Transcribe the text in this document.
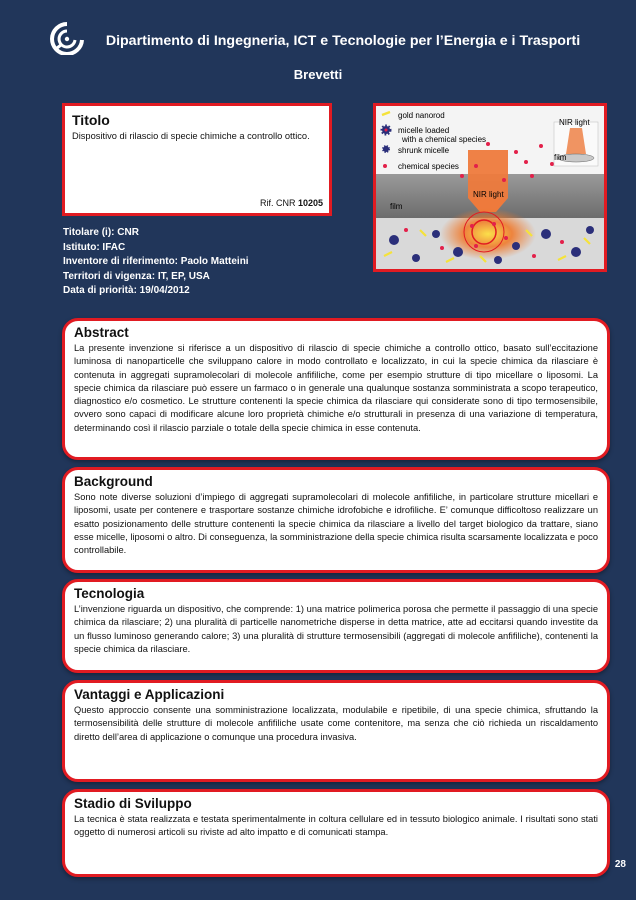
Dipartimento di Ingegneria, ICT e Tecnologie per l’Energia e i Trasporti
Brevetti
Titolo
Dispositivo di rilascio di specie chimiche a controllo ottico.
Rif. CNR 10205
Titolare (i): CNR
Istituto: IFAC
Inventore di riferimento: Paolo Matteini
Territori di vigenza: IT, EP, USA
Data di priorità: 19/04/2012
gold nanorod
micelle loaded
with a chemical species
shrunk micelle
chemical species
NIR light
film
NIR light
film
Abstract

La presente invenzione si riferisce a un dispositivo di rilascio di specie chimiche a controllo ottico, basato sull’eccitazione luminosa di nanoparticelle che sviluppano calore in modo controllato e localizzato, in cui la specie chimica da rilasciare è contenuta in aggregati supramolecolari di molecole anfifiliche, come per esempio strutture di tipo micellare o liposomi. La specie chimica da rilasciare può essere un farmaco o in generale una qualunque sostanza somministrata a scopo terapeutico, diagnostico e/o cosmetico. Le strutture contenenti la specie chimica da rilasciare qui considerate sono di tipo termosensibile, ovvero sono capaci di modificare alcune loro proprietà chimiche e/o strutturali in presenza di una variazione di temperatura, determinando così il rilascio parziale o totale della specie chimica in esse contenuta.

Background

Sono note diverse soluzioni d’impiego di aggregati supramolecolari di molecole anfifiliche, in particolare strutture micellari e liposomi, usate per contenere e trasportare sostanze chimiche idrofobiche e idrofiliche. E’ comunque difficoltoso realizzare un esatto posizionamento delle strutture contenenti la specie chimica da rilasciare a livello del target biologico da trattare, siano esse micelle, liposomi o altro. Di conseguenza, la somministrazione della specie chimica risulta scarsamente localizzata e poco controllabile.

Tecnologia

L’invenzione riguarda un dispositivo, che comprende: 1) una matrice polimerica porosa che permette il passaggio di una specie chimica da rilasciare; 2) una pluralità di particelle nanometriche disperse in detta matrice, atte ad eccitarsi quando investite da un flusso luminoso generando calore; 3) una pluralità di strutture termosensibili (aggregati di molecole anfifiliche), contenenti la specie chimica da rilasciare.

Vantaggi e Applicazioni

Questo approccio consente una somministrazione localizzata, modulabile e ripetibile, di una specie chimica, sfruttando la termosensibilità delle strutture di molecole anfifiliche usate come contenitore, ma senza che ciò richieda un riscaldamento diretto dell’area di applicazione o comunque una procedura invasiva.

Stadio di Sviluppo

La tecnica è stata realizzata e testata sperimentalmente in coltura cellulare ed in tessuto biologico animale. I risultati sono stati oggetto di numerosi articoli su riviste ad alto impatto e di comunicati stampa.

28
